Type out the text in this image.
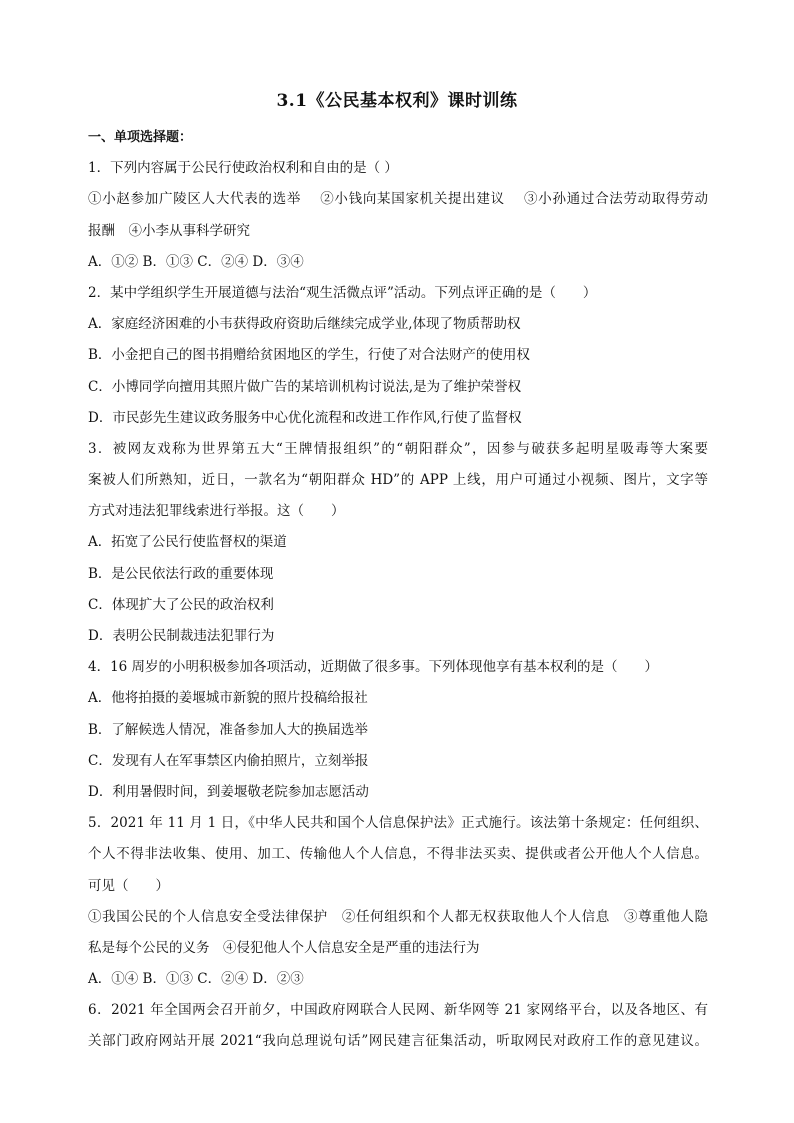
3.1《公民基本权利》课时训练
一、单项选择题：
1．下列内容属于公民行使政治权利和自由的是（ ）
①小赵参加广陵区人大代表的选举　 ②小钱向某国家机关提出建议　 ③小孙通过合法劳动取得劳动
报酬　④小李从事科学研究
A．①② B．①③ C．②④ D．③④
2．某中学组织学生开展道德与法治“观生活微点评”活动。下列点评正确的是（　　）
A．家庭经济困难的小韦获得政府资助后继续完成学业,体现了物质帮助权
B．小金把自己的图书捐赠给贫困地区的学生，行使了对合法财产的使用权
C．小博同学向擅用其照片做广告的某培训机构讨说法,是为了维护荣誉权
D．市民彭先生建议政务服务中心优化流程和改进工作作风,行使了监督权
3．被网友戏称为世界第五大“王牌情报组织”的“朝阳群众”，因参与破获多起明星吸毒等大案要
案被人们所熟知，近日，一款名为“朝阳群众 HD”的 APP 上线，用户可通过小视频、图片，文字等
方式对违法犯罪线索进行举报。这（　　）
A．拓宽了公民行使监督权的渠道
B．是公民依法行政的重要体现
C．体现扩大了公民的政治权利
D．表明公民制裁违法犯罪行为
4．16 周岁的小明积极参加各项活动，近期做了很多事。下列体现他享有基本权利的是（　　）
A．他将拍摄的姜堰城市新貌的照片投稿给报社
B．了解候选人情况，准备参加人大的换届选举
C．发现有人在军事禁区内偷拍照片，立刻举报
D．利用暑假时间，到姜堰敬老院参加志愿活动
5．2021 年 11 月 1 日，《中华人民共和国个人信息保护法》正式施行。该法第十条规定：任何组织、
个人不得非法收集、使用、加工、传输他人个人信息，不得非法买卖、提供或者公开他人个人信息。
可见（　　）
①我国公民的个人信息安全受法律保护　②任何组织和个人都无权获取他人个人信息　③尊重他人隐
私是每个公民的义务　④侵犯他人个人信息安全是严重的违法行为
A．①④ B．①③ C．②④ D．②③
6．2021 年全国两会召开前夕，中国政府网联合人民网、新华网等 21 家网络平台，以及各地区、有
关部门政府网站开展 2021“我向总理说句话”网民建言征集活动，听取网民对政府工作的意见建议。
